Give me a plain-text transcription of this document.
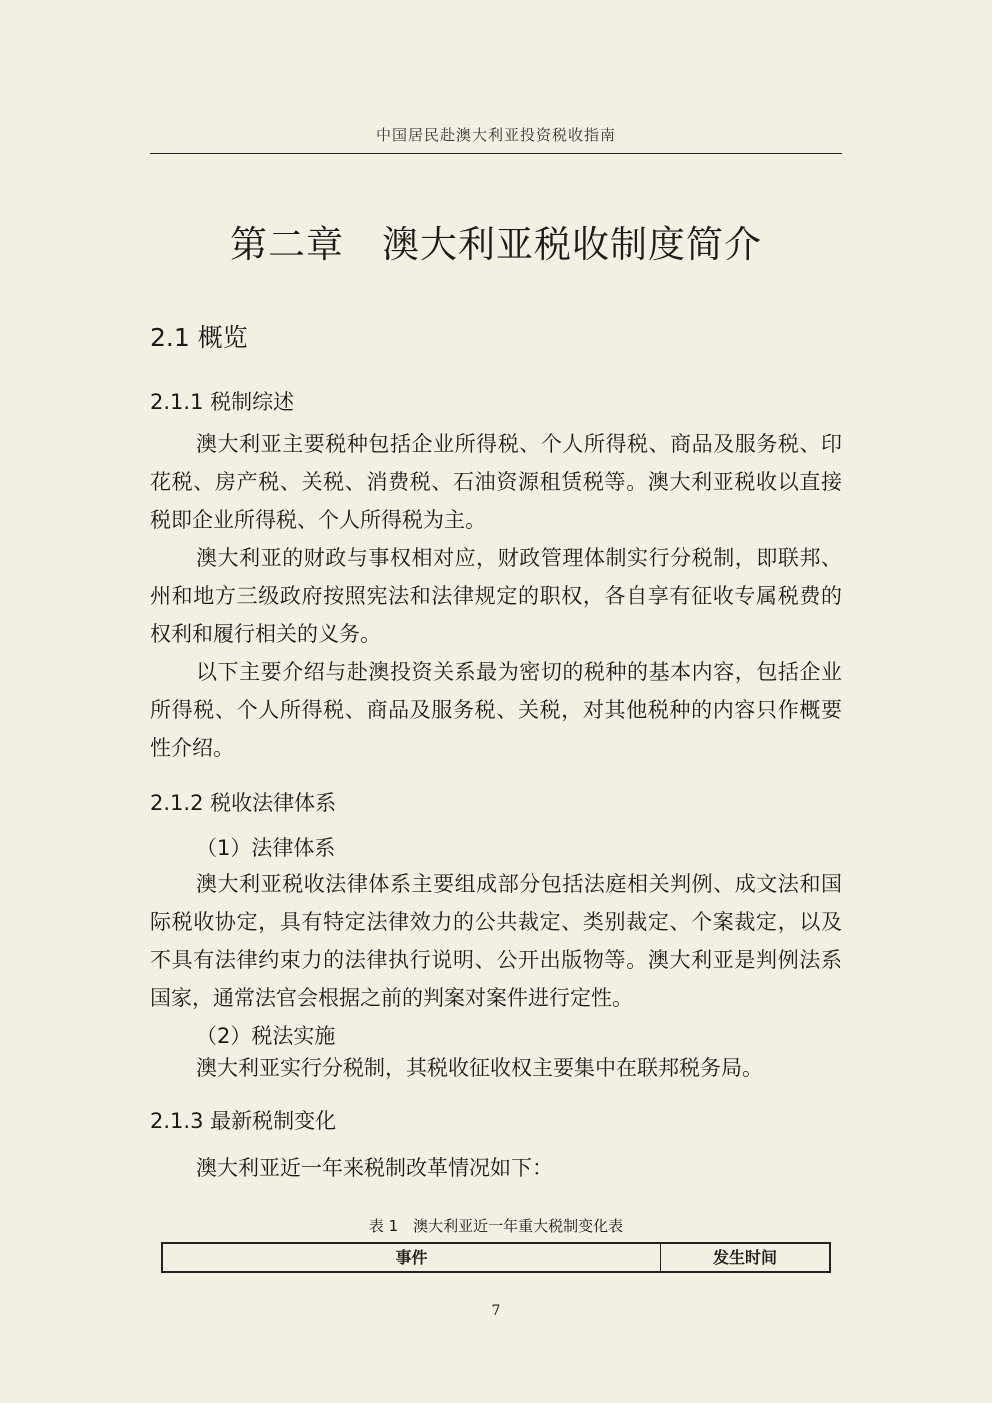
中国居民赴澳大利亚投资税收指南
第二章　澳大利亚税收制度简介
2.1 概览
2.1.1 税制综述

澳大利亚主要税种包括企业所得税、个人所得税、商品及服务税、印花税、房产税、关税、消费税、石油资源租赁税等。澳大利亚税收以直接税即企业所得税、个人所得税为主。

澳大利亚的财政与事权相对应，财政管理体制实行分税制，即联邦、州和地方三级政府按照宪法和法律规定的职权，各自享有征收专属税费的权利和履行相关的义务。

以下主要介绍与赴澳投资关系最为密切的税种的基本内容，包括企业所得税、个人所得税、商品及服务税、关税，对其他税种的内容只作概要性介绍。

2.1.2 税收法律体系
（1）法律体系

澳大利亚税收法律体系主要组成部分包括法庭相关判例、成文法和国际税收协定，具有特定法律效力的公共裁定、类别裁定、个案裁定，以及不具有法律约束力的法律执行说明、公开出版物等。澳大利亚是判例法系国家，通常法官会根据之前的判案对案件进行定性。

（2）税法实施
澳大利亚实行分税制，其税收征收权主要集中在联邦税务局。
2.1.3 最新税制变化
澳大利亚近一年来税制改革情况如下：
表 1　澳大利亚近一年重大税制变化表
事件	发生时间
7
